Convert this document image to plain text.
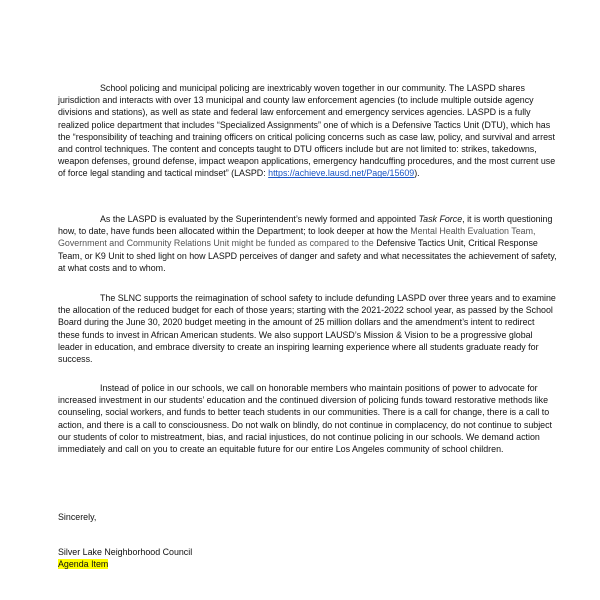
School policing and municipal policing are inextricably woven together in our community. The LASPD shares jurisdiction and interacts with over 13 municipal and county law enforcement agencies (to include multiple outside agency divisions and stations), as well as state and federal law enforcement and emergency services agencies. LASPD is a fully realized police department that includes “Specialized Assignments” one of which is a Defensive Tactics Unit (DTU), which has the “responsibility of teaching and training officers on critical policing concerns such as case law, policy, and survival and arrest and control techniques. The content and concepts taught to DTU officers include but are not limited to: strikes, takedowns, weapon defenses, ground defense, impact weapon applications, emergency handcuffing procedures, and the most current use of force legal standing and tactical mindset” (LASPD: https://achieve.lausd.net/Page/15609).

As the LASPD is evaluated by the Superintendent’s newly formed and appointed Task Force, it is worth questioning how, to date, have funds been allocated within the Department; to look deeper at how the Mental Health Evaluation Team, Government and Community Relations Unit might be funded as compared to the Defensive Tactics Unit, Critical Response Team, or K9 Unit to shed light on how LASPD perceives of danger and safety and what necessitates the achievement of safety, at what costs and to whom.

The SLNC supports the reimagination of school safety to include defunding LASPD over three years and to examine the allocation of the reduced budget for each of those years; starting with the 2021-2022 school year, as passed by the School Board during the June 30, 2020 budget meeting in the amount of 25 million dollars and the amendment’s intent to redirect these funds to invest in African American students. We also support LAUSD’s Mission & Vision to be a progressive global leader in education, and embrace diversity to create an inspiring learning experience where all students graduate ready for success.

Instead of police in our schools, we call on honorable members who maintain positions of power to advocate for increased investment in our students’ education and the continued diversion of policing funds toward restorative methods like counseling, social workers, and funds to better teach students in our communities. There is a call for change, there is a call to action, and there is a call to consciousness. Do not walk on blindly, do not continue in complacency, do not continue to subject our students of color to mistreatment, bias, and racial injustices, do not continue policing in our schools. We demand action immediately and call on you to create an equitable future for our entire Los Angeles community of school children.

Sincerely,
Silver Lake Neighborhood Council
Agenda Item
